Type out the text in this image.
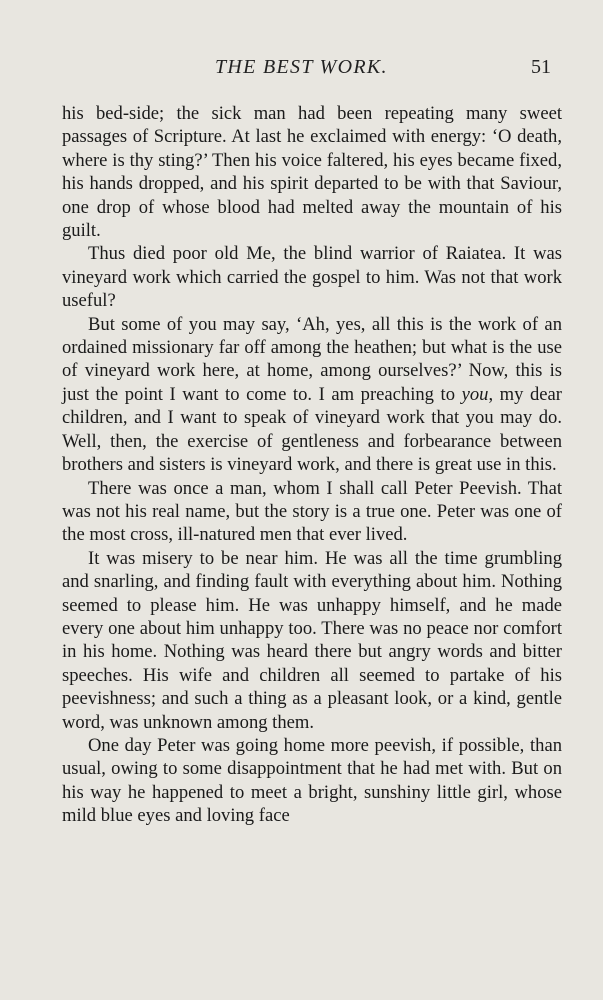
THE BEST WORK.	51

his bed-side; the sick man had been repeating many sweet passages of Scripture. At last he exclaimed with energy: ‘O death, where is thy sting?’ Then his voice faltered, his eyes became fixed, his hands dropped, and his spirit departed to be with that Saviour, one drop of whose blood had melted away the mountain of his guilt.

Thus died poor old Me, the blind warrior of Raiatea. It was vineyard work which carried the gospel to him. Was not that work useful?

But some of you may say, ‘Ah, yes, all this is the work of an ordained missionary far off among the heathen; but what is the use of vineyard work here, at home, among ourselves?’ Now, this is just the point I want to come to. I am preaching to you, my dear children, and I want to speak of vineyard work that you may do. Well, then, the exercise of gentleness and forbearance between brothers and sisters is vineyard work, and there is great use in this.

There was once a man, whom I shall call Peter Peevish. That was not his real name, but the story is a true one. Peter was one of the most cross, ill-natured men that ever lived.

It was misery to be near him. He was all the time grumbling and snarling, and finding fault with everything about him. Nothing seemed to please him. He was unhappy himself, and he made every one about him unhappy too. There was no peace nor comfort in his home. Nothing was heard there but angry words and bitter speeches. His wife and children all seemed to partake of his peevishness; and such a thing as a pleasant look, or a kind, gentle word, was unknown among them.

One day Peter was going home more peevish, if possible, than usual, owing to some disappointment that he had met with. But on his way he happened to meet a bright, sunshiny little girl, whose mild blue eyes and loving face
